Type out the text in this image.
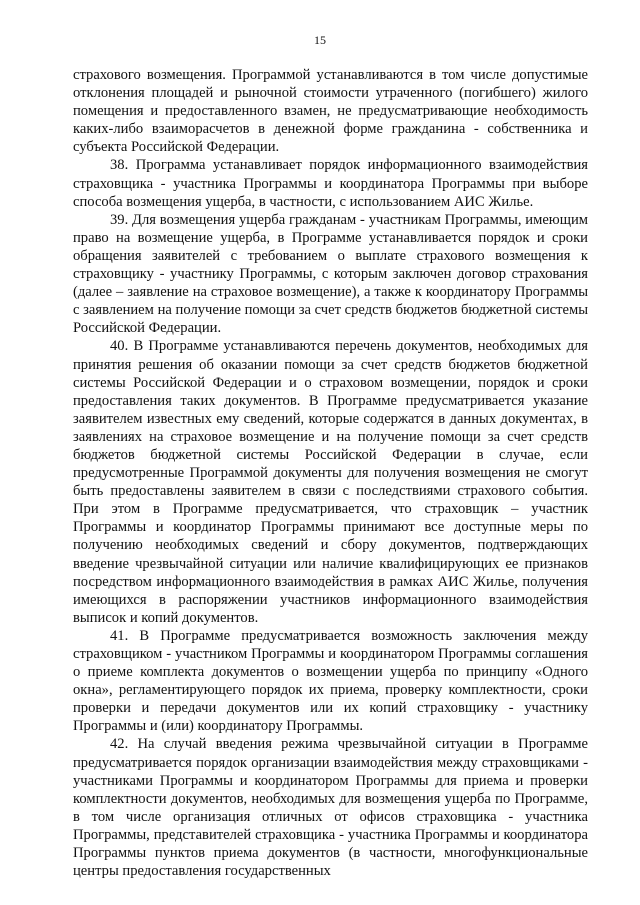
15

страхового возмещения. Программой устанавливаются в том числе допустимые отклонения площадей и рыночной стоимости утраченного (погибшего) жилого помещения и предоставленного взамен, не предусматривающие необходимость каких-либо взаиморасчетов в денежной форме гражданина - собственника и субъекта Российской Федерации.

38. Программа устанавливает порядок информационного взаимодействия страховщика - участника Программы и координатора Программы при выборе способа возмещения ущерба, в частности, с использованием АИС Жилье.

39. Для возмещения ущерба гражданам - участникам Программы, имеющим право на возмещение ущерба, в Программе устанавливается порядок и сроки обращения заявителей с требованием о выплате страхового возмещения к страховщику - участнику Программы, с которым заключен договор страхования (далее – заявление на страховое возмещение), а также к координатору Программы с заявлением на получение помощи за счет средств бюджетов бюджетной системы Российской Федерации.

40. В Программе устанавливаются перечень документов, необходимых для принятия решения об оказании помощи за счет средств бюджетов бюджетной системы Российской Федерации и о страховом возмещении, порядок и сроки предоставления таких документов. В Программе предусматривается указание заявителем известных ему сведений, которые содержатся в данных документах, в заявлениях на страховое возмещение и на получение помощи за счет средств бюджетов бюджетной системы Российской Федерации в случае, если предусмотренные Программой документы для получения возмещения не смогут быть предоставлены заявителем в связи с последствиями страхового события. При этом в Программе предусматривается, что страховщик – участник Программы и координатор Программы принимают все доступные меры по получению необходимых сведений и сбору документов, подтверждающих введение чрезвычайной ситуации или наличие квалифицирующих ее признаков посредством информационного взаимодействия в рамках АИС Жилье, получения имеющихся в распоряжении участников информационного взаимодействия выписок и копий документов.

41. В Программе предусматривается возможность заключения между страховщиком - участником Программы и координатором Программы соглашения о приеме комплекта документов о возмещении ущерба по принципу «Одного окна», регламентирующего порядок их приема, проверку комплектности, сроки проверки и передачи документов или их копий страховщику - участнику Программы и (или) координатору Программы.

42. На случай введения режима чрезвычайной ситуации в Программе предусматривается порядок организации взаимодействия между страховщиками - участниками Программы и координатором Программы для приема и проверки комплектности документов, необходимых для возмещения ущерба по Программе, в том числе организация отличных от офисов страховщика - участника Программы, представителей страховщика - участника Программы и координатора Программы пунктов приема документов (в частности, многофункциональные центры предоставления государственных
